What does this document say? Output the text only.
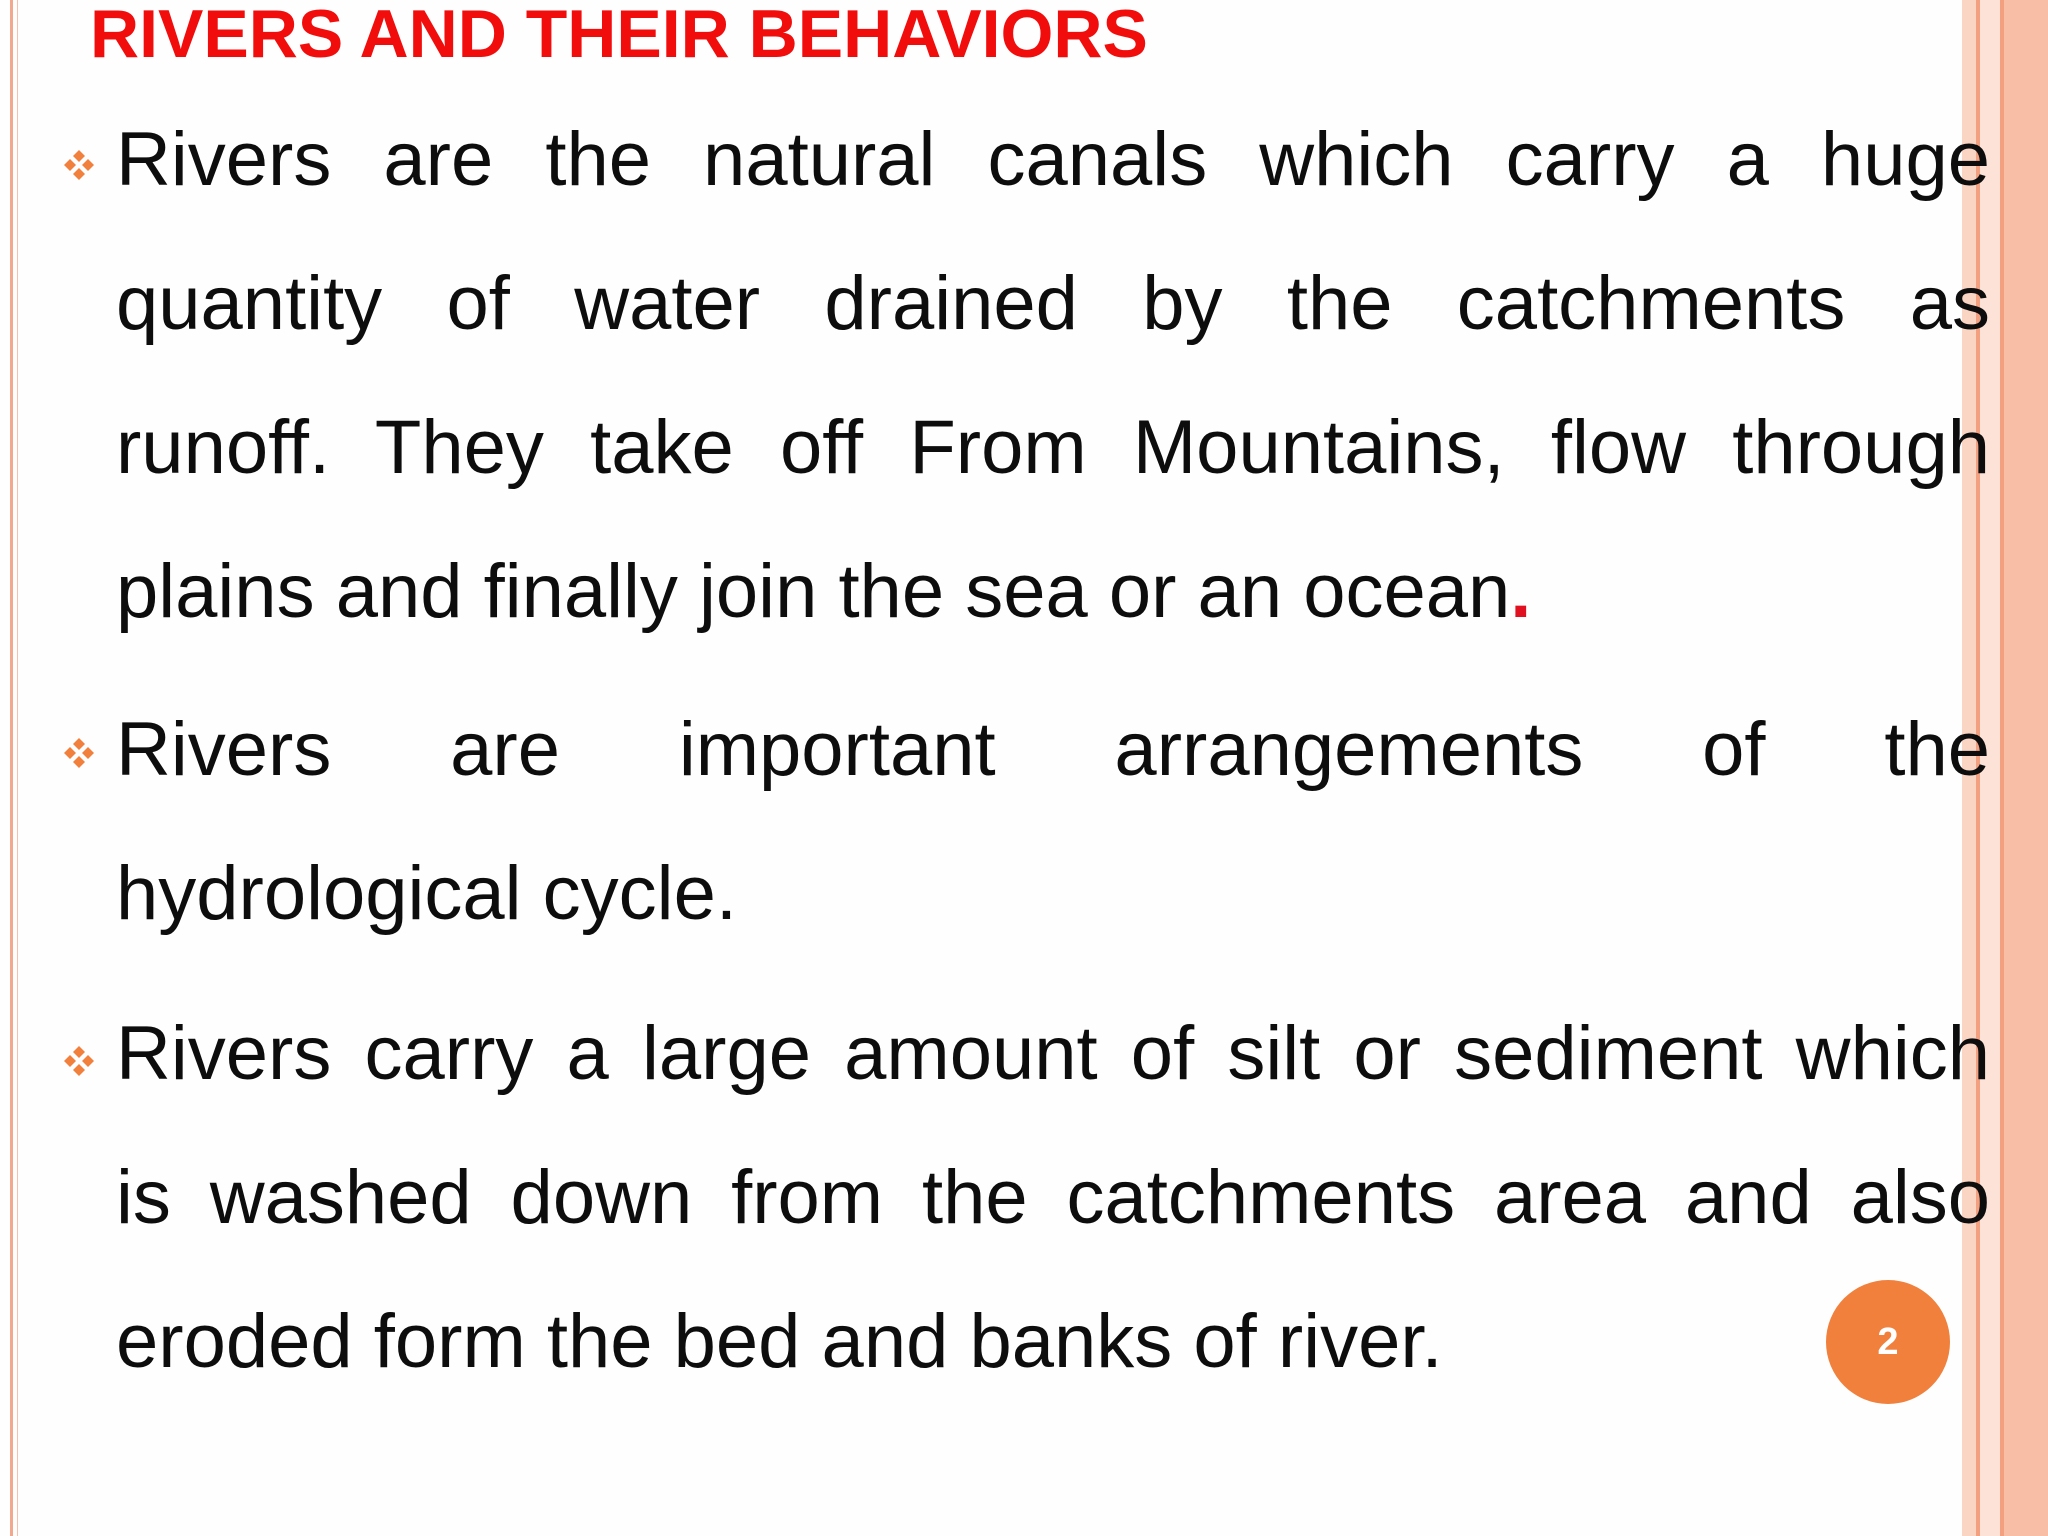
RIVERS AND THEIR BEHAVIORS
Rivers are the natural canals which carry a huge
quantity of water drained by the catchments as
runoff. They take off From Mountains, flow through
plains and finally join the sea or an ocean.
Rivers are important arrangements of the
hydrological cycle.
Rivers carry a large amount of silt or sediment which
is washed down from the catchments area and also
eroded form the bed and banks of river.	2
